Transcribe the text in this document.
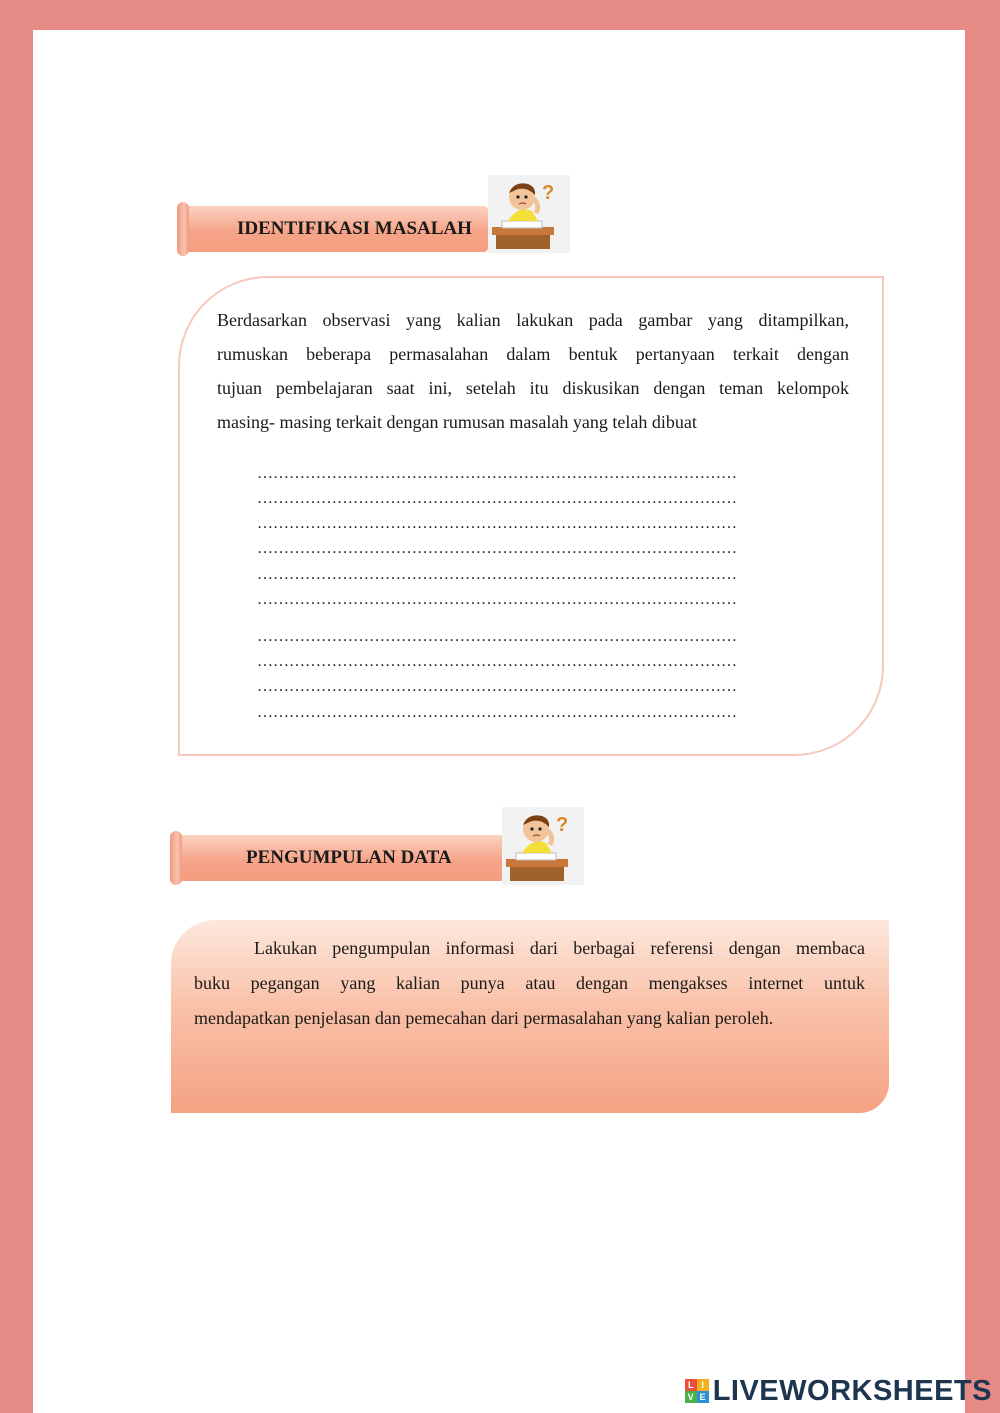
IDENTIFIKASI MASALAH
?

Berdasarkan observasi yang kalian lakukan pada gambar yang ditampilkan,

rumuskan beberapa permasalahan dalam bentuk pertanyaan terkait dengan

tujuan pembelajaran saat ini, setelah itu diskusikan dengan teman kelompok

masing- masing terkait dengan rumusan masalah yang telah dibuat

………………………………………………………………………………
………………………………………………………………………………
………………………………………………………………………………
………………………………………………………………………………
………………………………………………………………………………
………………………………………………………………………………
………………………………………………………………………………
………………………………………………………………………………
………………………………………………………………………………
………………………………………………………………………………
PENGUMPULAN DATA
?

Lakukan pengumpulan informasi dari berbagai referensi dengan membaca

buku pegangan yang kalian punya atau dengan mengakses internet untuk

mendapatkan penjelasan dan pemecahan dari permasalahan yang kalian peroleh.

L I
V E LIVEWORKSHEETS
